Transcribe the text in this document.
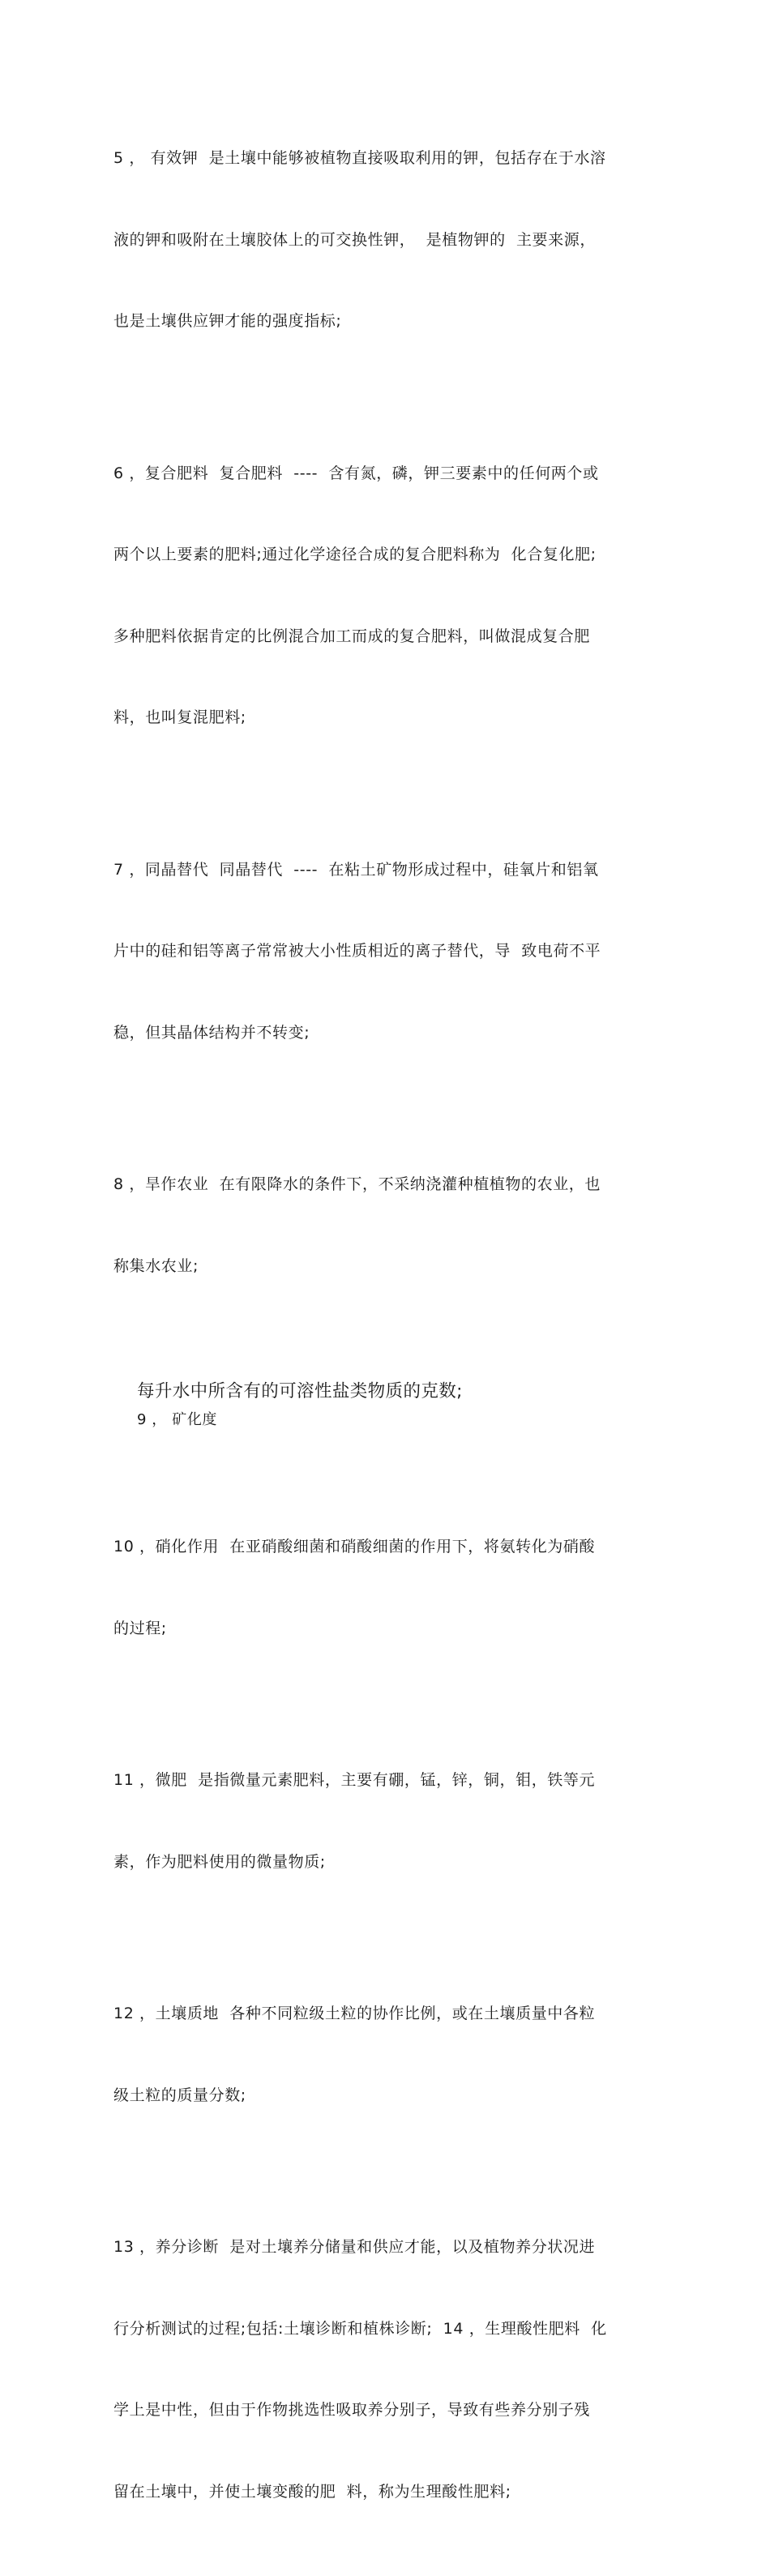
5 ， 有效钾  是土壤中能够被植物直接吸取利用的钾，包括存在于水溶

液的钾和吸附在土壤胶体上的可交换性钾，  是植物钾的  主要来源，

也是土壤供应钾才能的强度指标;

6 ，复合肥料  复合肥料  ----  含有氮，磷，钾三要素中的任何两个或

两个以上要素的肥料;通过化学途径合成的复合肥料称为  化合复化肥;

多种肥料依据肯定的比例混合加工而成的复合肥料，叫做混成复合肥

料，也叫复混肥料;

7 ，同晶替代  同晶替代  ----  在粘土矿物形成过程中，硅氧片和铝氧

片中的硅和铝等离子常常被大小性质相近的离子替代，导  致电荷不平

稳，但其晶体结构并不转变;

8 ，旱作农业  在有限降水的条件下，不采纳浇灌种植植物的农业，也

称集水农业;

每升水中所含有的可溶性盐类物质的克数;
9 ， 矿化度

10 ，硝化作用  在亚硝酸细菌和硝酸细菌的作用下，将氨转化为硝酸

的过程;

11 ，微肥  是指微量元素肥料，主要有硼，锰，锌，铜，钼，铁等元

素，作为肥料使用的微量物质;

12 ，土壤质地  各种不同粒级土粒的协作比例，或在土壤质量中各粒

级土粒的质量分数;

13 ，养分诊断  是对土壤养分储量和供应才能，以及植物养分状况进

行分析测试的过程;包括:土壤诊断和植株诊断;  14 ，生理酸性肥料  化

学上是中性，但由于作物挑选性吸取养分别子，导致有些养分别子残

留在土壤中，并使土壤变酸的肥  料，称为生理酸性肥料;
